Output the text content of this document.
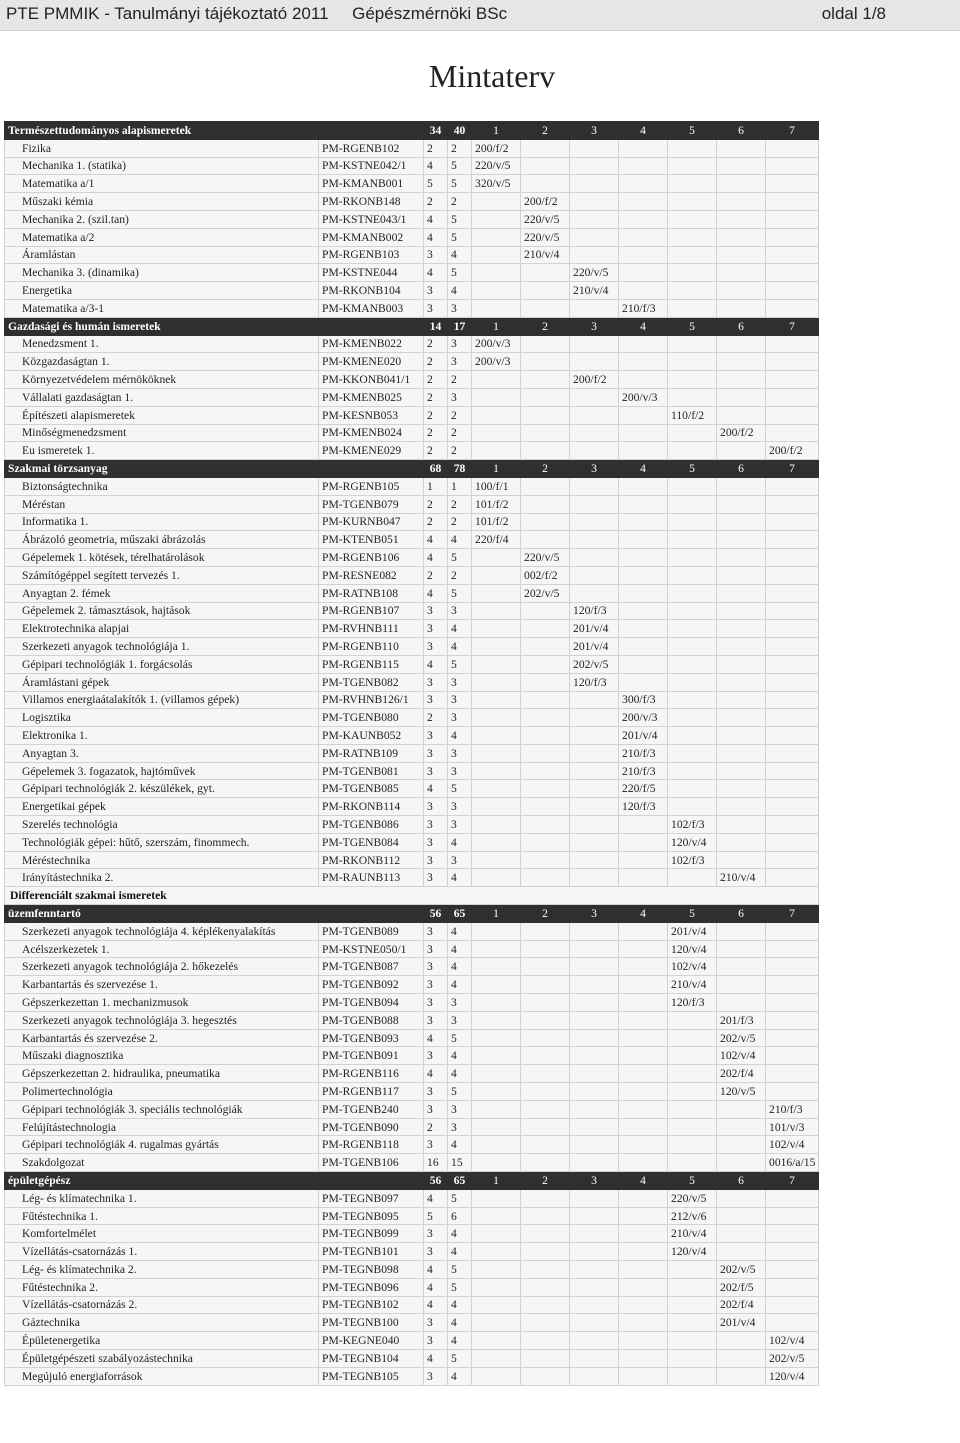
PTE PMMIK - Tanulmányi tájékoztató 2011     Gépészmérnöki BSc	oldal 1/8
Mintaterv
Természettudományos alapismeretek		34	40	1	2	3	4	5	6	7
Fizika	PM-RGENB102	2	2	200/f/2						
Mechanika 1. (statika)	PM-KSTNE042/1	4	5	220/v/5						
Matematika a/1	PM-KMANB001	5	5	320/v/5						
Műszaki kémia	PM-RKONB148	2	2		200/f/2					
Mechanika 2. (szil.tan)	PM-KSTNE043/1	4	5		220/v/5					
Matematika a/2	PM-KMANB002	4	5		220/v/5					
Áramlástan	PM-RGENB103	3	4		210/v/4					
Mechanika 3. (dinamika)	PM-KSTNE044	4	5			220/v/5				
Energetika	PM-RKONB104	3	4			210/v/4				
Matematika a/3-1	PM-KMANB003	3	3				210/f/3			
Gazdasági és humán ismeretek		14	17	1	2	3	4	5	6	7
Menedzsment 1.	PM-KMENB022	2	3	200/v/3						
Közgazdaságtan 1.	PM-KMENE020	2	3	200/v/3						
Környezetvédelem mérnököknek	PM-KKONB041/1	2	2			200/f/2				
Vállalati gazdaságtan 1.	PM-KMENB025	2	3				200/v/3			
Építészeti alapismeretek	PM-KESNB053	2	2					110/f/2		
Minőségmenedzsment	PM-KMENB024	2	2						200/f/2	
Eu ismeretek 1.	PM-KMENE029	2	2							200/f/2
Szakmai törzsanyag		68	78	1	2	3	4	5	6	7
Biztonságtechnika	PM-RGENB105	1	1	100/f/1						
Méréstan	PM-TGENB079	2	2	101/f/2						
Informatika 1.	PM-KURNB047	2	2	101/f/2						
Ábrázoló geometria, műszaki ábrázolás	PM-KTENB051	4	4	220/f/4						
Gépelemek 1. kötések, térelhatárolások	PM-RGENB106	4	5		220/v/5					
Számítógéppel segített tervezés 1.	PM-RESNE082	2	2		002/f/2					
Anyagtan 2. fémek	PM-RATNB108	4	5		202/v/5					
Gépelemek 2. támasztások, hajtások	PM-RGENB107	3	3			120/f/3				
Elektrotechnika alapjai	PM-RVHNB111	3	4			201/v/4				
Szerkezeti anyagok technológiája 1.	PM-RGENB110	3	4			201/v/4				
Gépipari technológiák 1. forgácsolás	PM-RGENB115	4	5			202/v/5				
Áramlástani gépek	PM-TGENB082	3	3			120/f/3				
Villamos energiaátalakítók 1. (villamos gépek)	PM-RVHNB126/1	3	3				300/f/3			
Logisztika	PM-TGENB080	2	3				200/v/3			
Elektronika 1.	PM-KAUNB052	3	4				201/v/4			
Anyagtan 3.	PM-RATNB109	3	3				210/f/3			
Gépelemek 3. fogazatok, hajtóművek	PM-TGENB081	3	3				210/f/3			
Gépipari technológiák 2. készülékek, gyt.	PM-TGENB085	4	5				220/f/5			
Energetikai gépek	PM-RKONB114	3	3				120/f/3			
Szerelés technológia	PM-TGENB086	3	3					102/f/3		
Technológiák gépei: hűtő, szerszám, finommech.	PM-TGENB084	3	4					120/v/4		
Méréstechnika	PM-RKONB112	3	3					102/f/3		
Irányítástechnika 2.	PM-RAUNB113	3	4						210/v/4	
Differenciált szakmai ismeretek										
üzemfenntartó		56	65	1	2	3	4	5	6	7
Szerkezeti anyagok technológiája 4. képlékenyalakítás	PM-TGENB089	3	4					201/v/4		
Acélszerkezetek 1.	PM-KSTNE050/1	3	4					120/v/4		
Szerkezeti anyagok technológiája 2. hőkezelés	PM-TGENB087	3	4					102/v/4		
Karbantartás és szervezése 1.	PM-TGENB092	3	4					210/v/4		
Gépszerkezettan 1. mechanizmusok	PM-TGENB094	3	3					120/f/3		
Szerkezeti anyagok technológiája 3. hegesztés	PM-TGENB088	3	3						201/f/3	
Karbantartás és szervezése 2.	PM-TGENB093	4	5						202/v/5	
Műszaki diagnosztika	PM-TGENB091	3	4						102/v/4	
Gépszerkezettan 2. hidraulika, pneumatika	PM-RGENB116	4	4						202/f/4	
Polimertechnológia	PM-RGENB117	3	5						120/v/5	
Gépipari technológiák 3. speciális technológiák	PM-TGENB240	3	3							210/f/3
Felújítástechnologia	PM-TGENB090	2	3							101/v/3
Gépipari technológiák 4. rugalmas gyártás	PM-RGENB118	3	4							102/v/4
Szakdolgozat	PM-TGENB106	16	15							0016/a/15
épületgépész		56	65	1	2	3	4	5	6	7
Lég- és klímatechnika 1.	PM-TEGNB097	4	5					220/v/5		
Fűtéstechnika 1.	PM-TEGNB095	5	6					212/v/6		
Komfortelmélet	PM-TEGNB099	3	4					210/v/4		
Vízellátás-csatornázás 1.	PM-TEGNB101	3	4					120/v/4		
Lég- és klímatechnika 2.	PM-TEGNB098	4	5						202/v/5	
Fűtéstechnika 2.	PM-TEGNB096	4	5						202/f/5	
Vízellátás-csatornázás 2.	PM-TEGNB102	4	4						202/f/4	
Gáztechnika	PM-TEGNB100	3	4						201/v/4	
Épületenergetika	PM-KEGNE040	3	4							102/v/4
Épületgépészeti szabályozástechnika	PM-TEGNB104	4	5							202/v/5
Megújuló energiaforrások	PM-TEGNB105	3	4							120/v/4
